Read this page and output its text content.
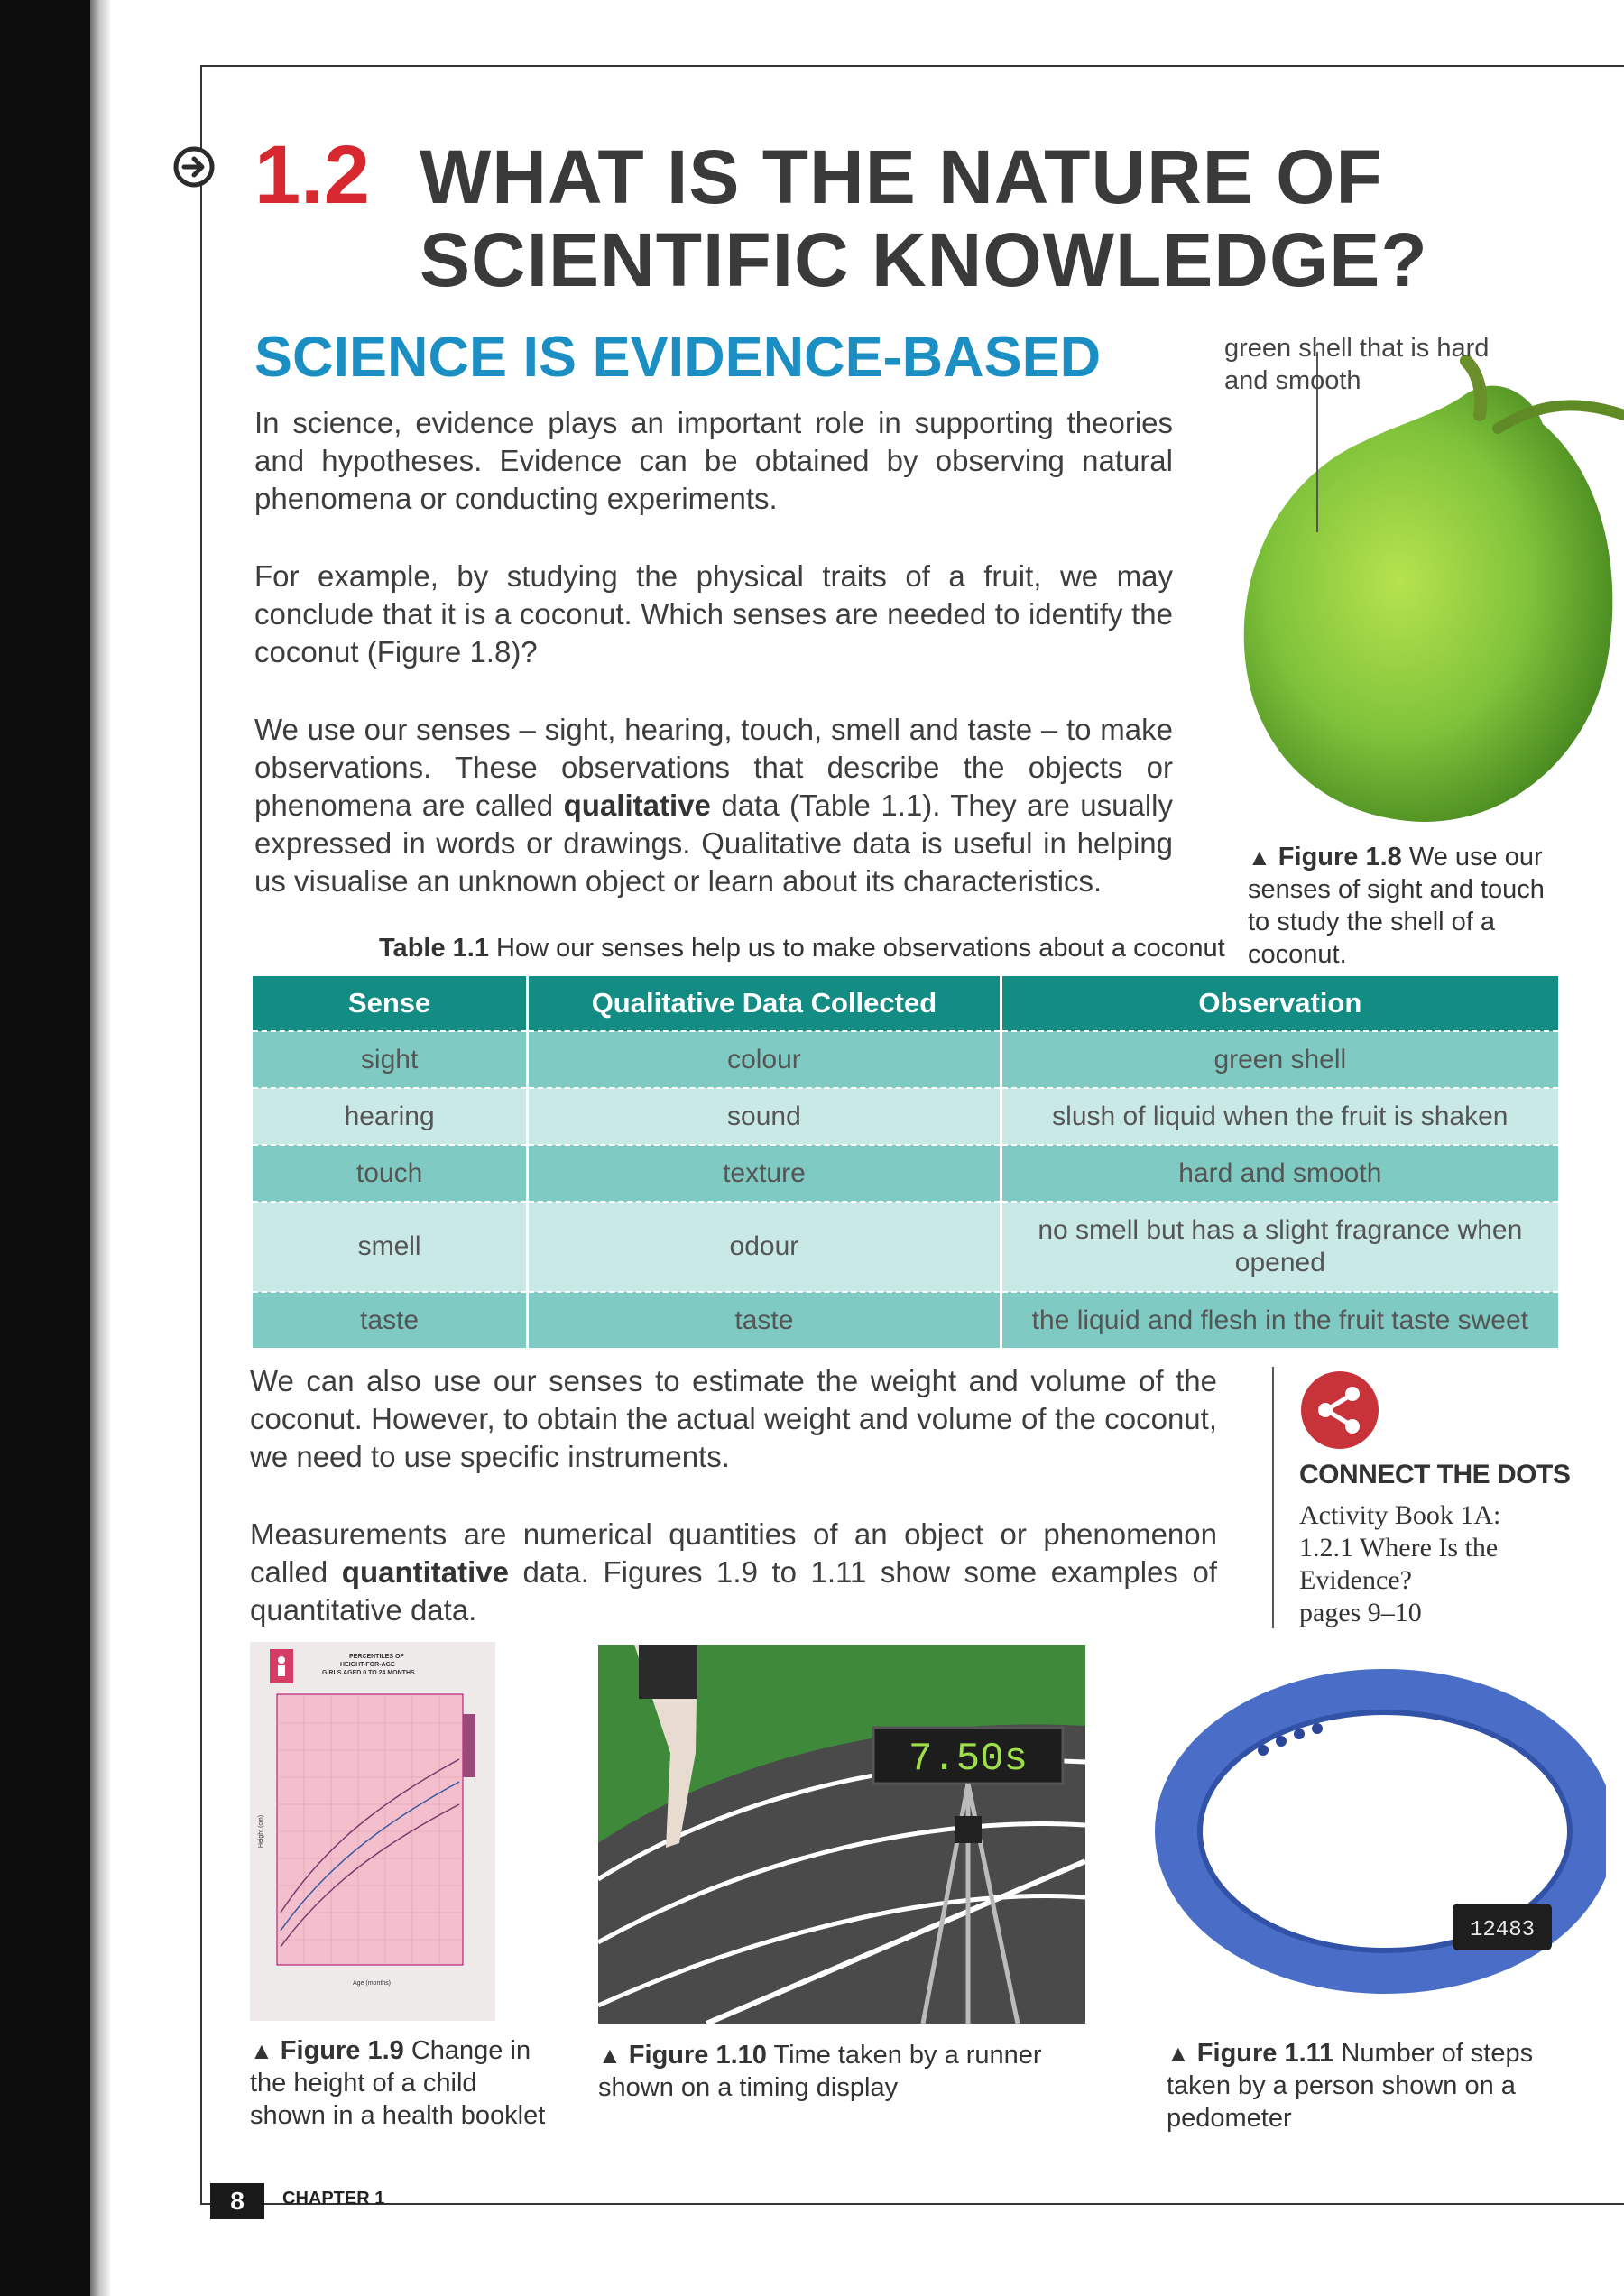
1.2 WHAT IS THE NATURE OF
SCIENTIFIC KNOWLEDGE?
SCIENCE IS EVIDENCE-BASED
In science, evidence plays an important role in supporting theories and hypotheses. Evidence can be obtained by observing natural phenomena or conducting experiments.
For example, by studying the physical traits of a fruit, we may conclude that it is a coconut. Which senses are needed to identify the coconut (Figure 1.8)?
We use our senses – sight, hearing, touch, smell and taste – to make observations. These observations that describe the objects or phenomena are called qualitative data (Table 1.1). They are usually expressed in words or drawings. Qualitative data is useful in helping us visualise an unknown object or learn about its characteristics.
green shell that is hard and smooth
▲ Figure 1.8 We use our senses of sight and touch to study the shell of a coconut.
Table 1.1 How our senses help us to make observations about a coconut
Sense	Qualitative Data Collected	Observation
sight	colour	green shell
hearing	sound	slush of liquid when the fruit is shaken
touch	texture	hard and smooth
smell	odour	no smell but has a slight fragrance when opened
taste	taste	the liquid and flesh in the fruit taste sweet
We can also use our senses to estimate the weight and volume of the coconut. However, to obtain the actual weight and volume of the coconut, we need to use specific instruments.
Measurements are numerical quantities of an object or phenomenon called quantitative data. Figures 1.9 to 1.11 show some examples of quantitative data.
CONNECT THE DOTS
Activity Book 1A:
1.2.1 Where Is the
Evidence?
pages 9–10
PERCENTILES OF
HEIGHT-FOR-AGE
GIRLS AGED 0 TO 24 MONTHS
Age (months)
Height (cm)
7.50s
12483
▲ Figure 1.9 Change in the height of a child shown in a health booklet
▲ Figure 1.10 Time taken by a runner shown on a timing display
▲ Figure 1.11 Number of steps taken by a person shown on a pedometer
8	CHAPTER 1
